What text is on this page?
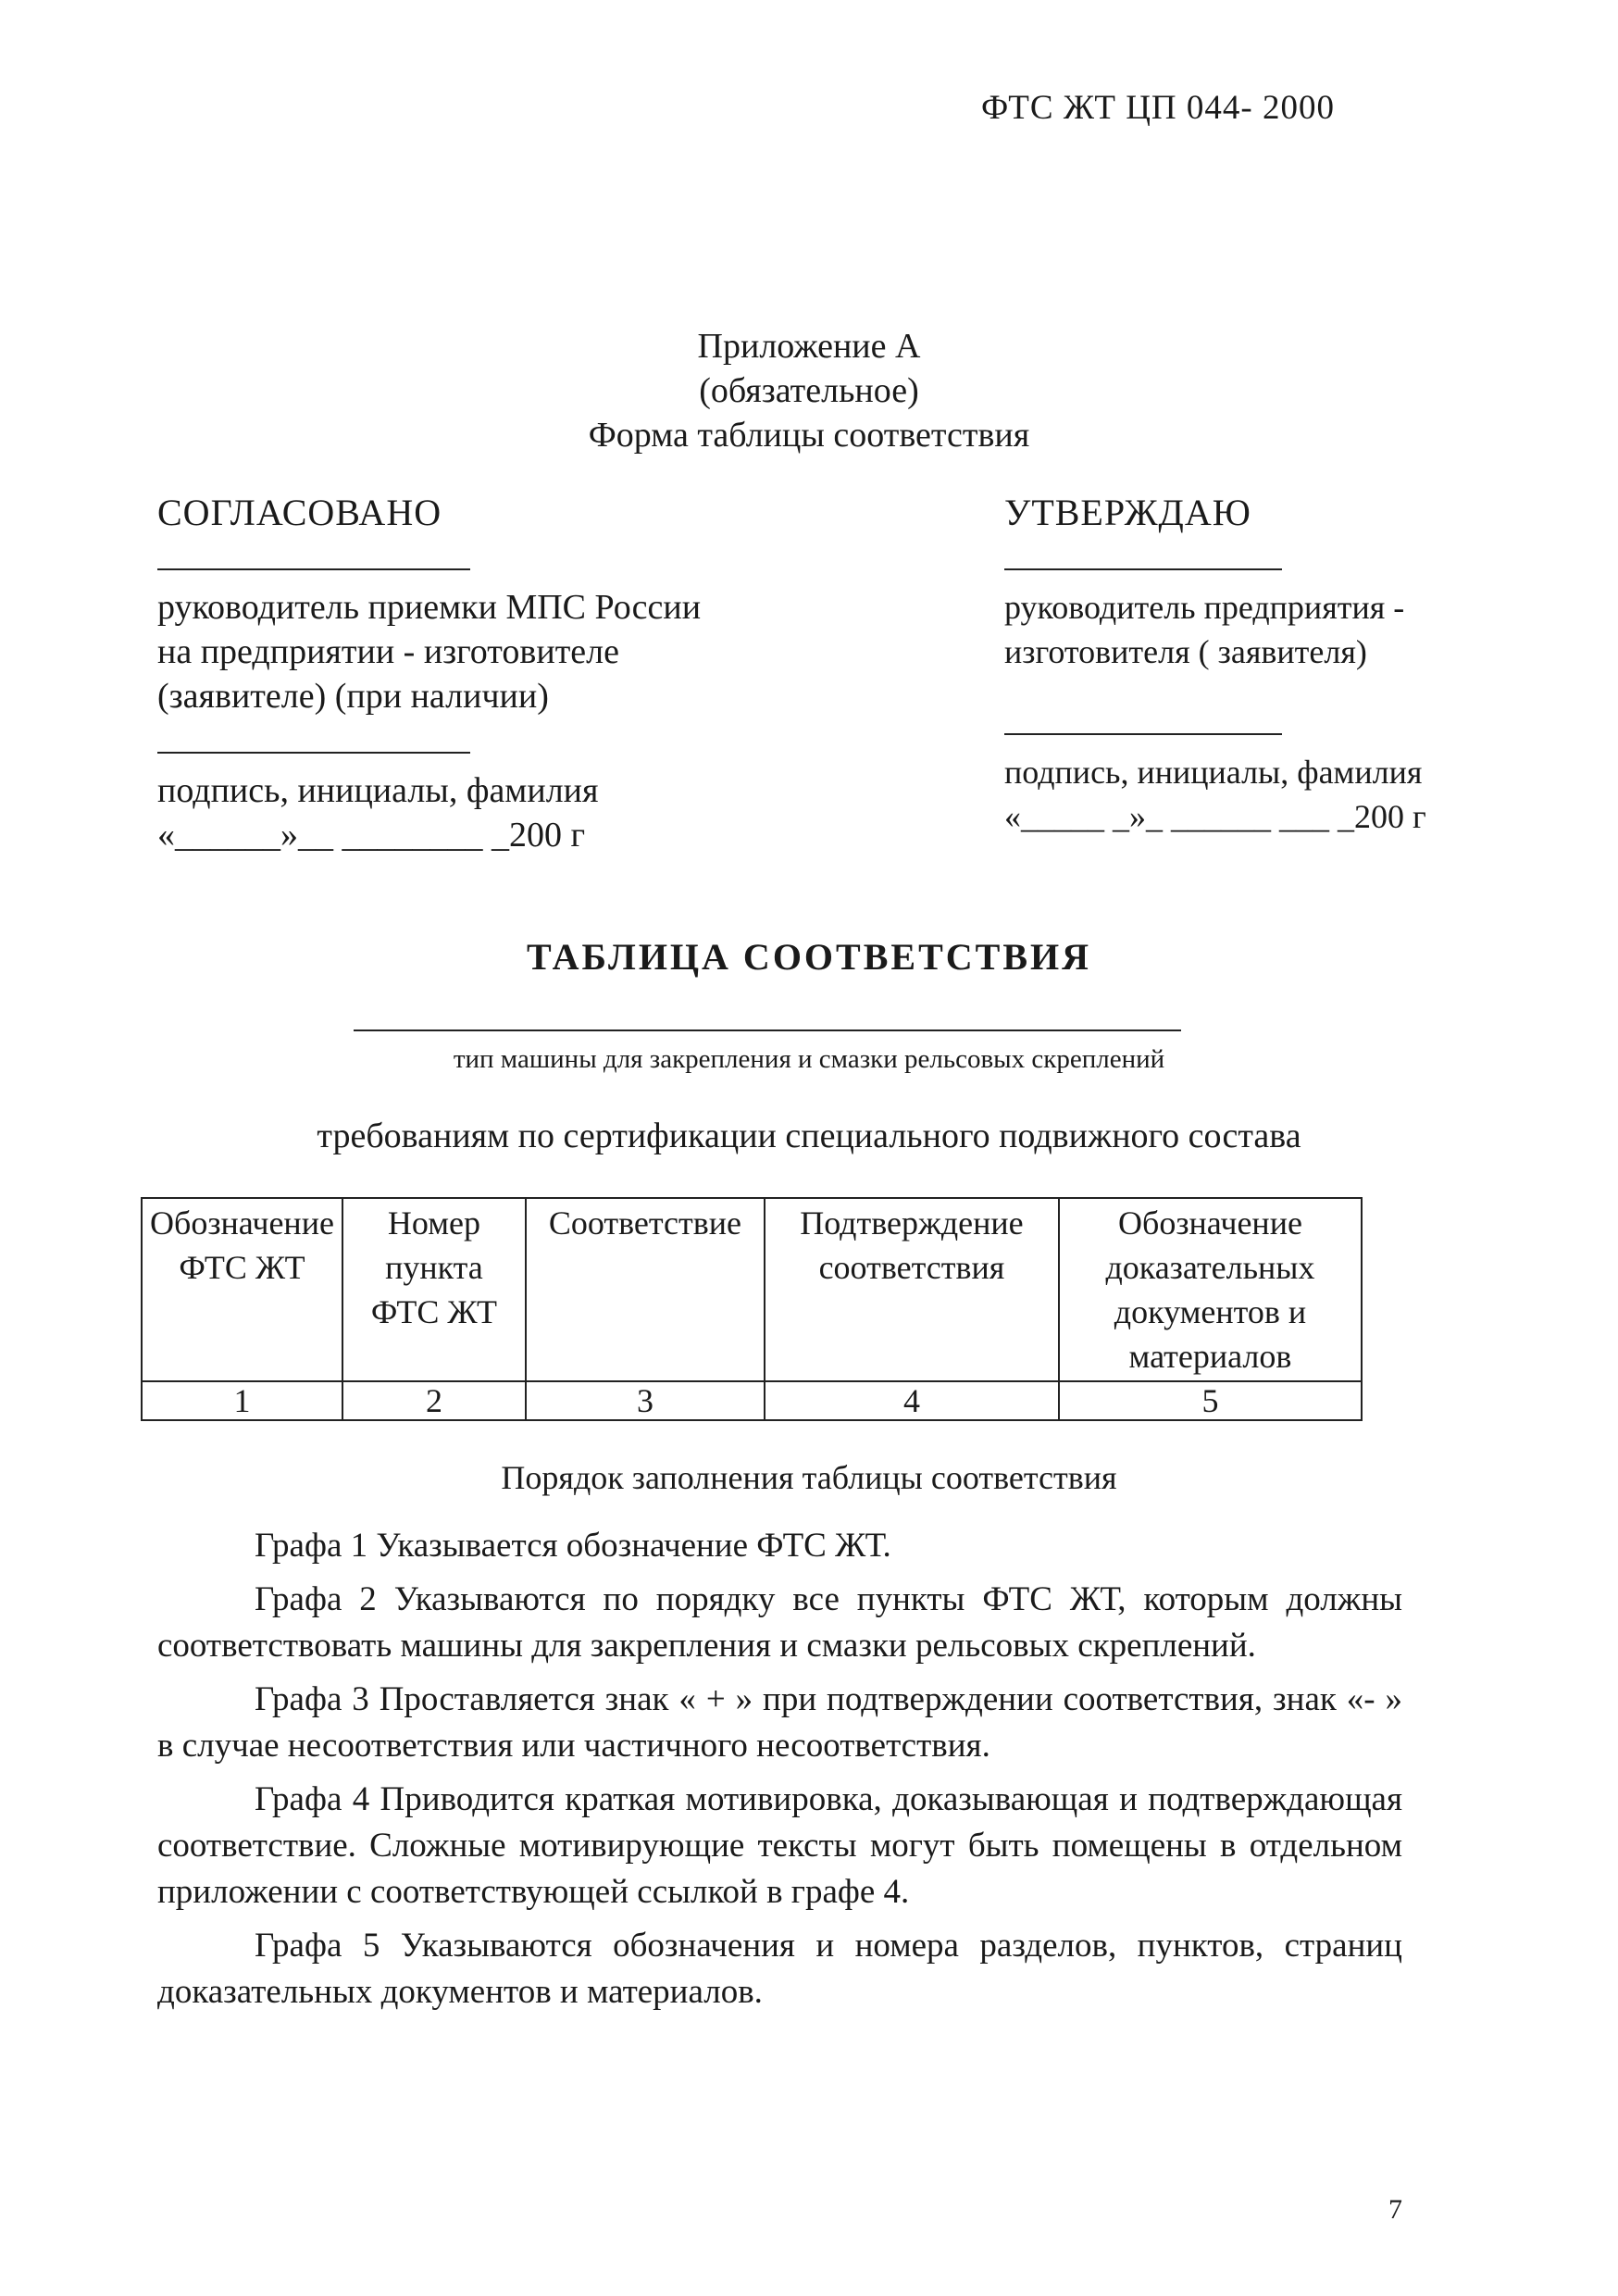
ФТС ЖТ ЦП 044- 2000
Приложение А
(обязательное)
Форма таблицы соответствия
СОГЛАСОВАНО
руководитель приемки МПС России на предприятии - изготовителе (заявителе) (при наличии)
подпись, инициалы, фамилия
«______»__ ________ _200 г
УТВЕРЖДАЮ
руководитель предприятия - изготовителя ( заявителя)
подпись, инициалы, фамилия
«_____ _»_ ______ ___ _200 г
ТАБЛИЦА СООТВЕТСТВИЯ
тип машины для закрепления и смазки рельсовых скреплений
требованиям по сертификации специального подвижного состава
Обозначение ФТС ЖТ	Номер пункта ФТС ЖТ	Соответствие	Подтверждение соответствия	Обозначение доказательных документов и материалов
1	2	3	4	5
Порядок заполнения таблицы соответствия

Графа 1 Указывается обозначение ФТС ЖТ.

Графа 2 Указываются по порядку все пункты ФТС ЖТ, которым должны соответствовать машины для закрепления и смазки рельсовых скреплений.

Графа 3 Проставляется знак « + » при подтверждении соответствия, знак «- » в случае несоответствия или частичного несоответствия.

Графа 4 Приводится краткая мотивировка, доказывающая и подтверждающая соответствие. Сложные мотивирующие тексты могут быть помещены в отдельном приложении с соответствующей ссылкой в графе 4.

Графа 5 Указываются обозначения и номера разделов, пунктов, страниц доказательных документов и материалов.

7
